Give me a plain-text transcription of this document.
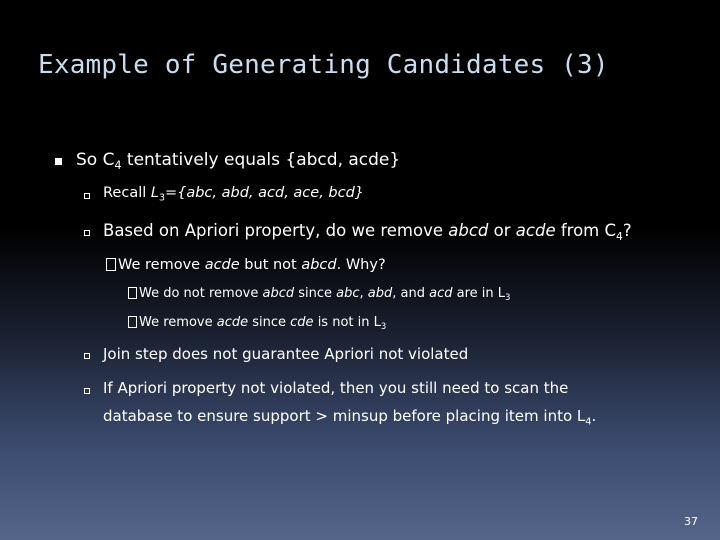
Example of Generating Candidates (3)
So $C_4$ tentatively equals {abcd, acde}
Recall $L_3=\{abc$, abd, acd, ace, bcd}
Based on Apriori property, do we remove abcd or acde from $C_4$?
We remove acde but not abcd. Why?
We do not remove abcd since abc, abd, and acd are in $L_3$
We remove acde since cde is not in $L_3$
Join step does not guarantee Apriori not violated
If Apriori property not violated, then you still need to scan the
database to ensure support > minsup before placing item into $L_4$.
37
